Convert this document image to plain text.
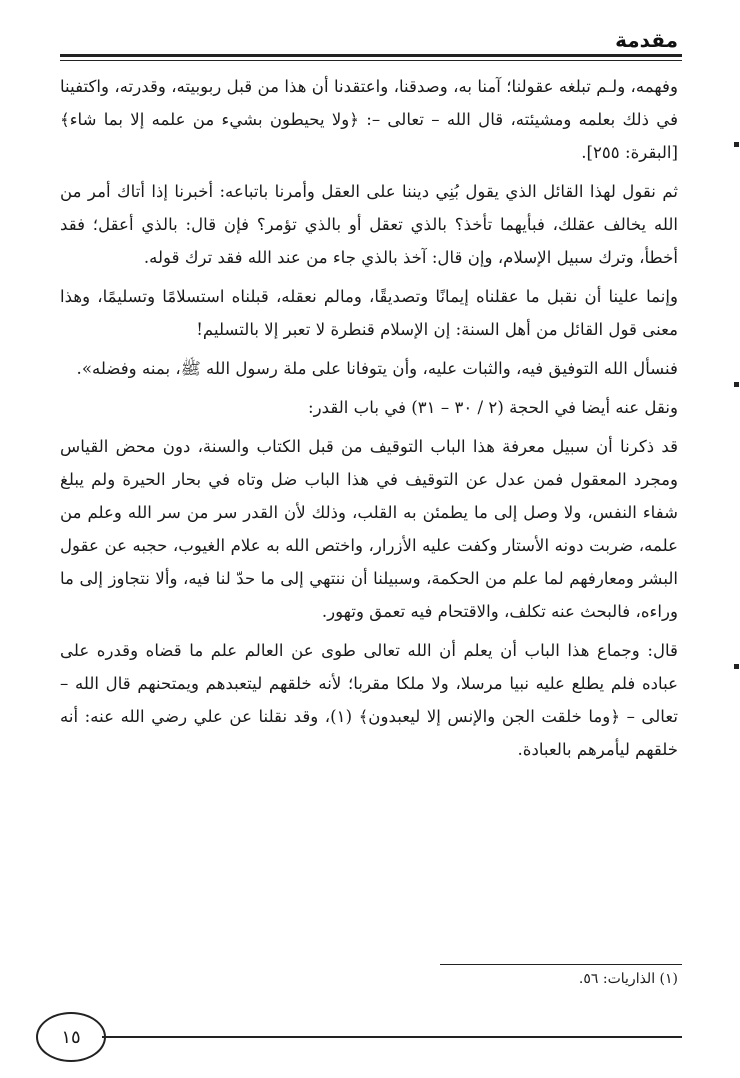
مقدمة

وفهمه، ولـم تبلغه عقولنا؛ آمنا به، وصدقنا، واعتقدنا أن هذا من قبل ربوبيته، وقدرته، واكتفينا في ذلك بعلمه ومشيئته، قال الله – تعالى –: ﴿ولا يحيطون بشيء من علمه إلا بما شاء﴾ [البقرة: ٢٥٥].

ثم نقول لهذا القائل الذي يقول بُنِي ديننا على العقل وأمرنا باتباعه: أخبرنا إذا أتاك أمر من الله يخالف عقلك، فبأيهما تأخذ؟ بالذي تعقل أو بالذي تؤمر؟ فإن قال: بالذي أعقل؛ فقد أخطأ، وترك سبيل الإسلام، وإن قال: آخذ بالذي جاء من عند الله فقد ترك قوله.

وإنما علينا أن نقبل ما عقلناه إيمانًا وتصديقًا، ومالم نعقله، قبلناه استسلامًا وتسليمًا، وهذا معنى قول القائل من أهل السنة: إن الإسلام قنطرة لا تعبر إلا بالتسليم!

فنسأل الله التوفيق فيه، والثبات عليه، وأن يتوفانا على ملة رسول الله ﷺ، بمنه وفضله».

ونقل عنه أيضا في الحجة (٢ / ٣٠ – ٣١) في باب القدر:

قد ذكرنا أن سبيل معرفة هذا الباب التوقيف من قبل الكتاب والسنة، دون محض القياس ومجرد المعقول فمن عدل عن التوقيف في هذا الباب ضل وتاه في بحار الحيرة ولم يبلغ شفاء النفس، ولا وصل إلى ما يطمئن به القلب، وذلك لأن القدر سر من سر الله وعلم من علمه، ضربت دونه الأستار وكفت عليه الأزرار، واختص الله به علام الغيوب، حجبه عن عقول البشر ومعارفهم لما علم من الحكمة، وسبيلنا أن ننتهي إلى ما حدّ لنا فيه، وألا نتجاوز إلى ما وراءه، فالبحث عنه تكلف، والاقتحام فيه تعمق وتهور.

قال: وجماع هذا الباب أن يعلم أن الله تعالى طوى عن العالم علم ما قضاه وقدره على عباده فلم يطلع عليه نبيا مرسلا، ولا ملكا مقربا؛ لأنه خلقهم ليتعبدهم ويمتحنهم قال الله – تعالى – ﴿وما خلقت الجن والإنس إلا ليعبدون﴾ (١)، وقد نقلنا عن علي رضي الله عنه: أنه خلقهم ليأمرهم بالعبادة.

(١) الذاريات: ٥٦.
١٥
